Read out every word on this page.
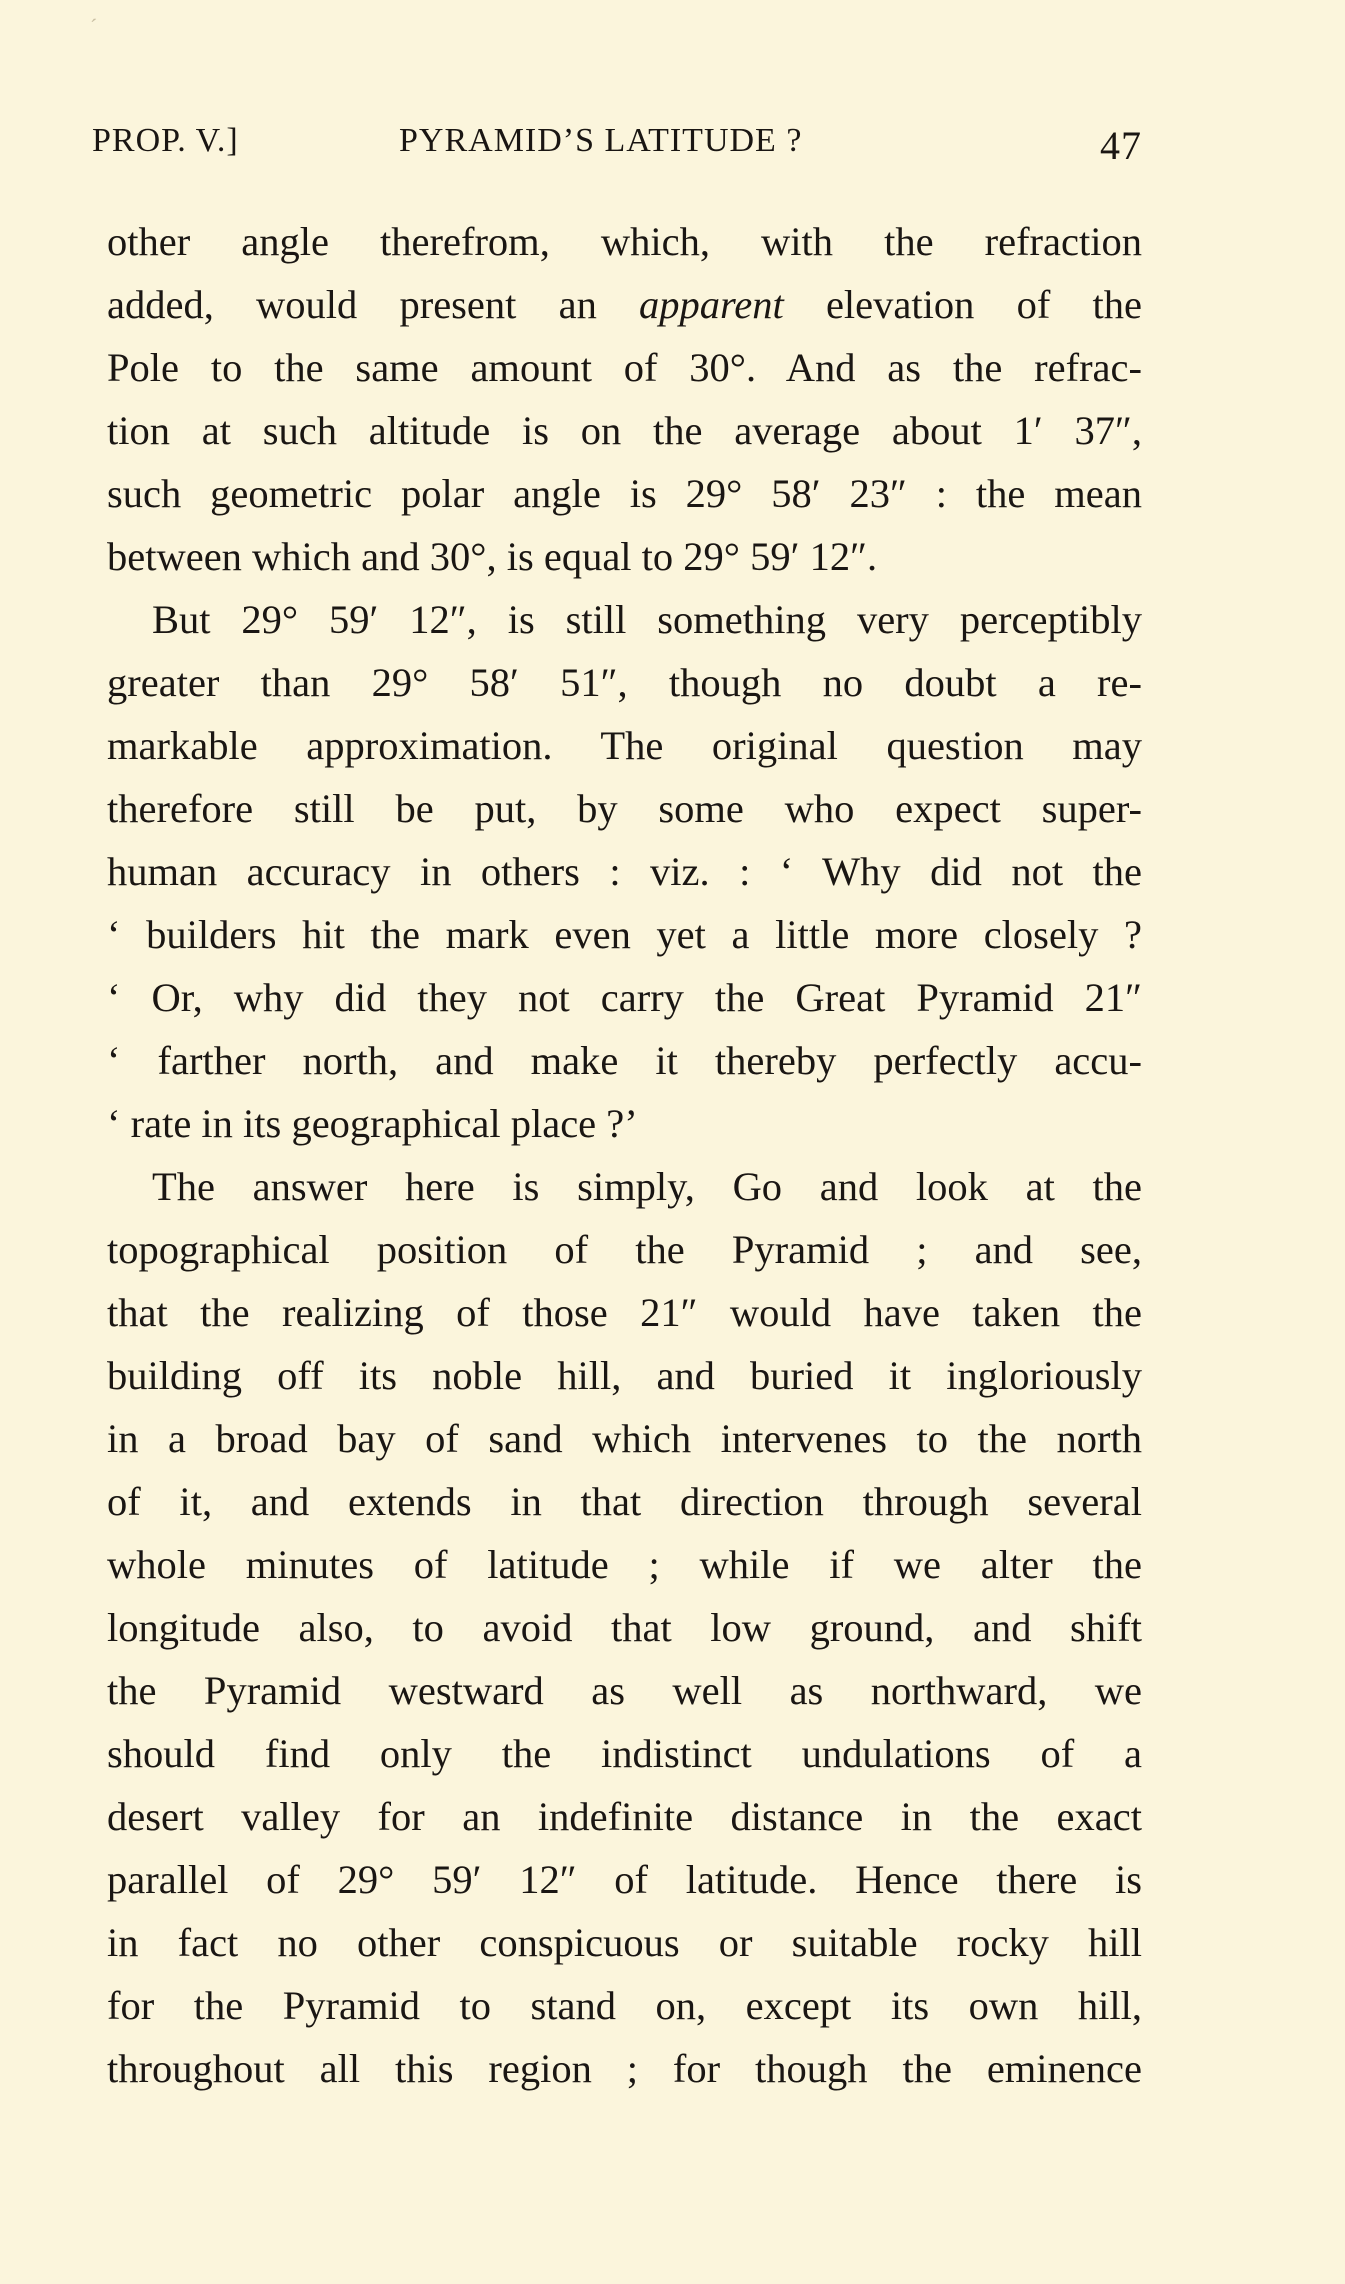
ˊ
PROP. V.]	PYRAMID’S LATITUDE ?	47
other angle therefrom, which, with the refraction
added, would present an apparent elevation of the
Pole to the same amount of 30°. And as the refrac-
tion at such altitude is on the average about 1′ 37″,
such geometric polar angle is 29° 58′ 23″ : the mean
between which and 30°, is equal to 29° 59′ 12″.
But 29° 59′ 12″, is still something very perceptibly
greater than 29° 58′ 51″, though no doubt a re-
markable approximation. The original question may
therefore still be put, by some who expect super-
human accuracy in others : viz. : ‘ Why did not the
‘ builders hit the mark even yet a little more closely ?
‘ Or, why did they not carry the Great Pyramid 21″
‘ farther north, and make it thereby perfectly accu-
‘ rate in its geographical place ?’
The answer here is simply, Go and look at the
topographical position of the Pyramid ; and see,
that the realizing of those 21″ would have taken the
building off its noble hill, and buried it ingloriously
in a broad bay of sand which intervenes to the north
of it, and extends in that direction through several
whole minutes of latitude ; while if we alter the
longitude also, to avoid that low ground, and shift
the Pyramid westward as well as northward, we
should find only the indistinct undulations of a
desert valley for an indefinite distance in the exact
parallel of 29° 59′ 12″ of latitude. Hence there is
in fact no other conspicuous or suitable rocky hill
for the Pyramid to stand on, except its own hill,
throughout all this region ; for though the eminence
